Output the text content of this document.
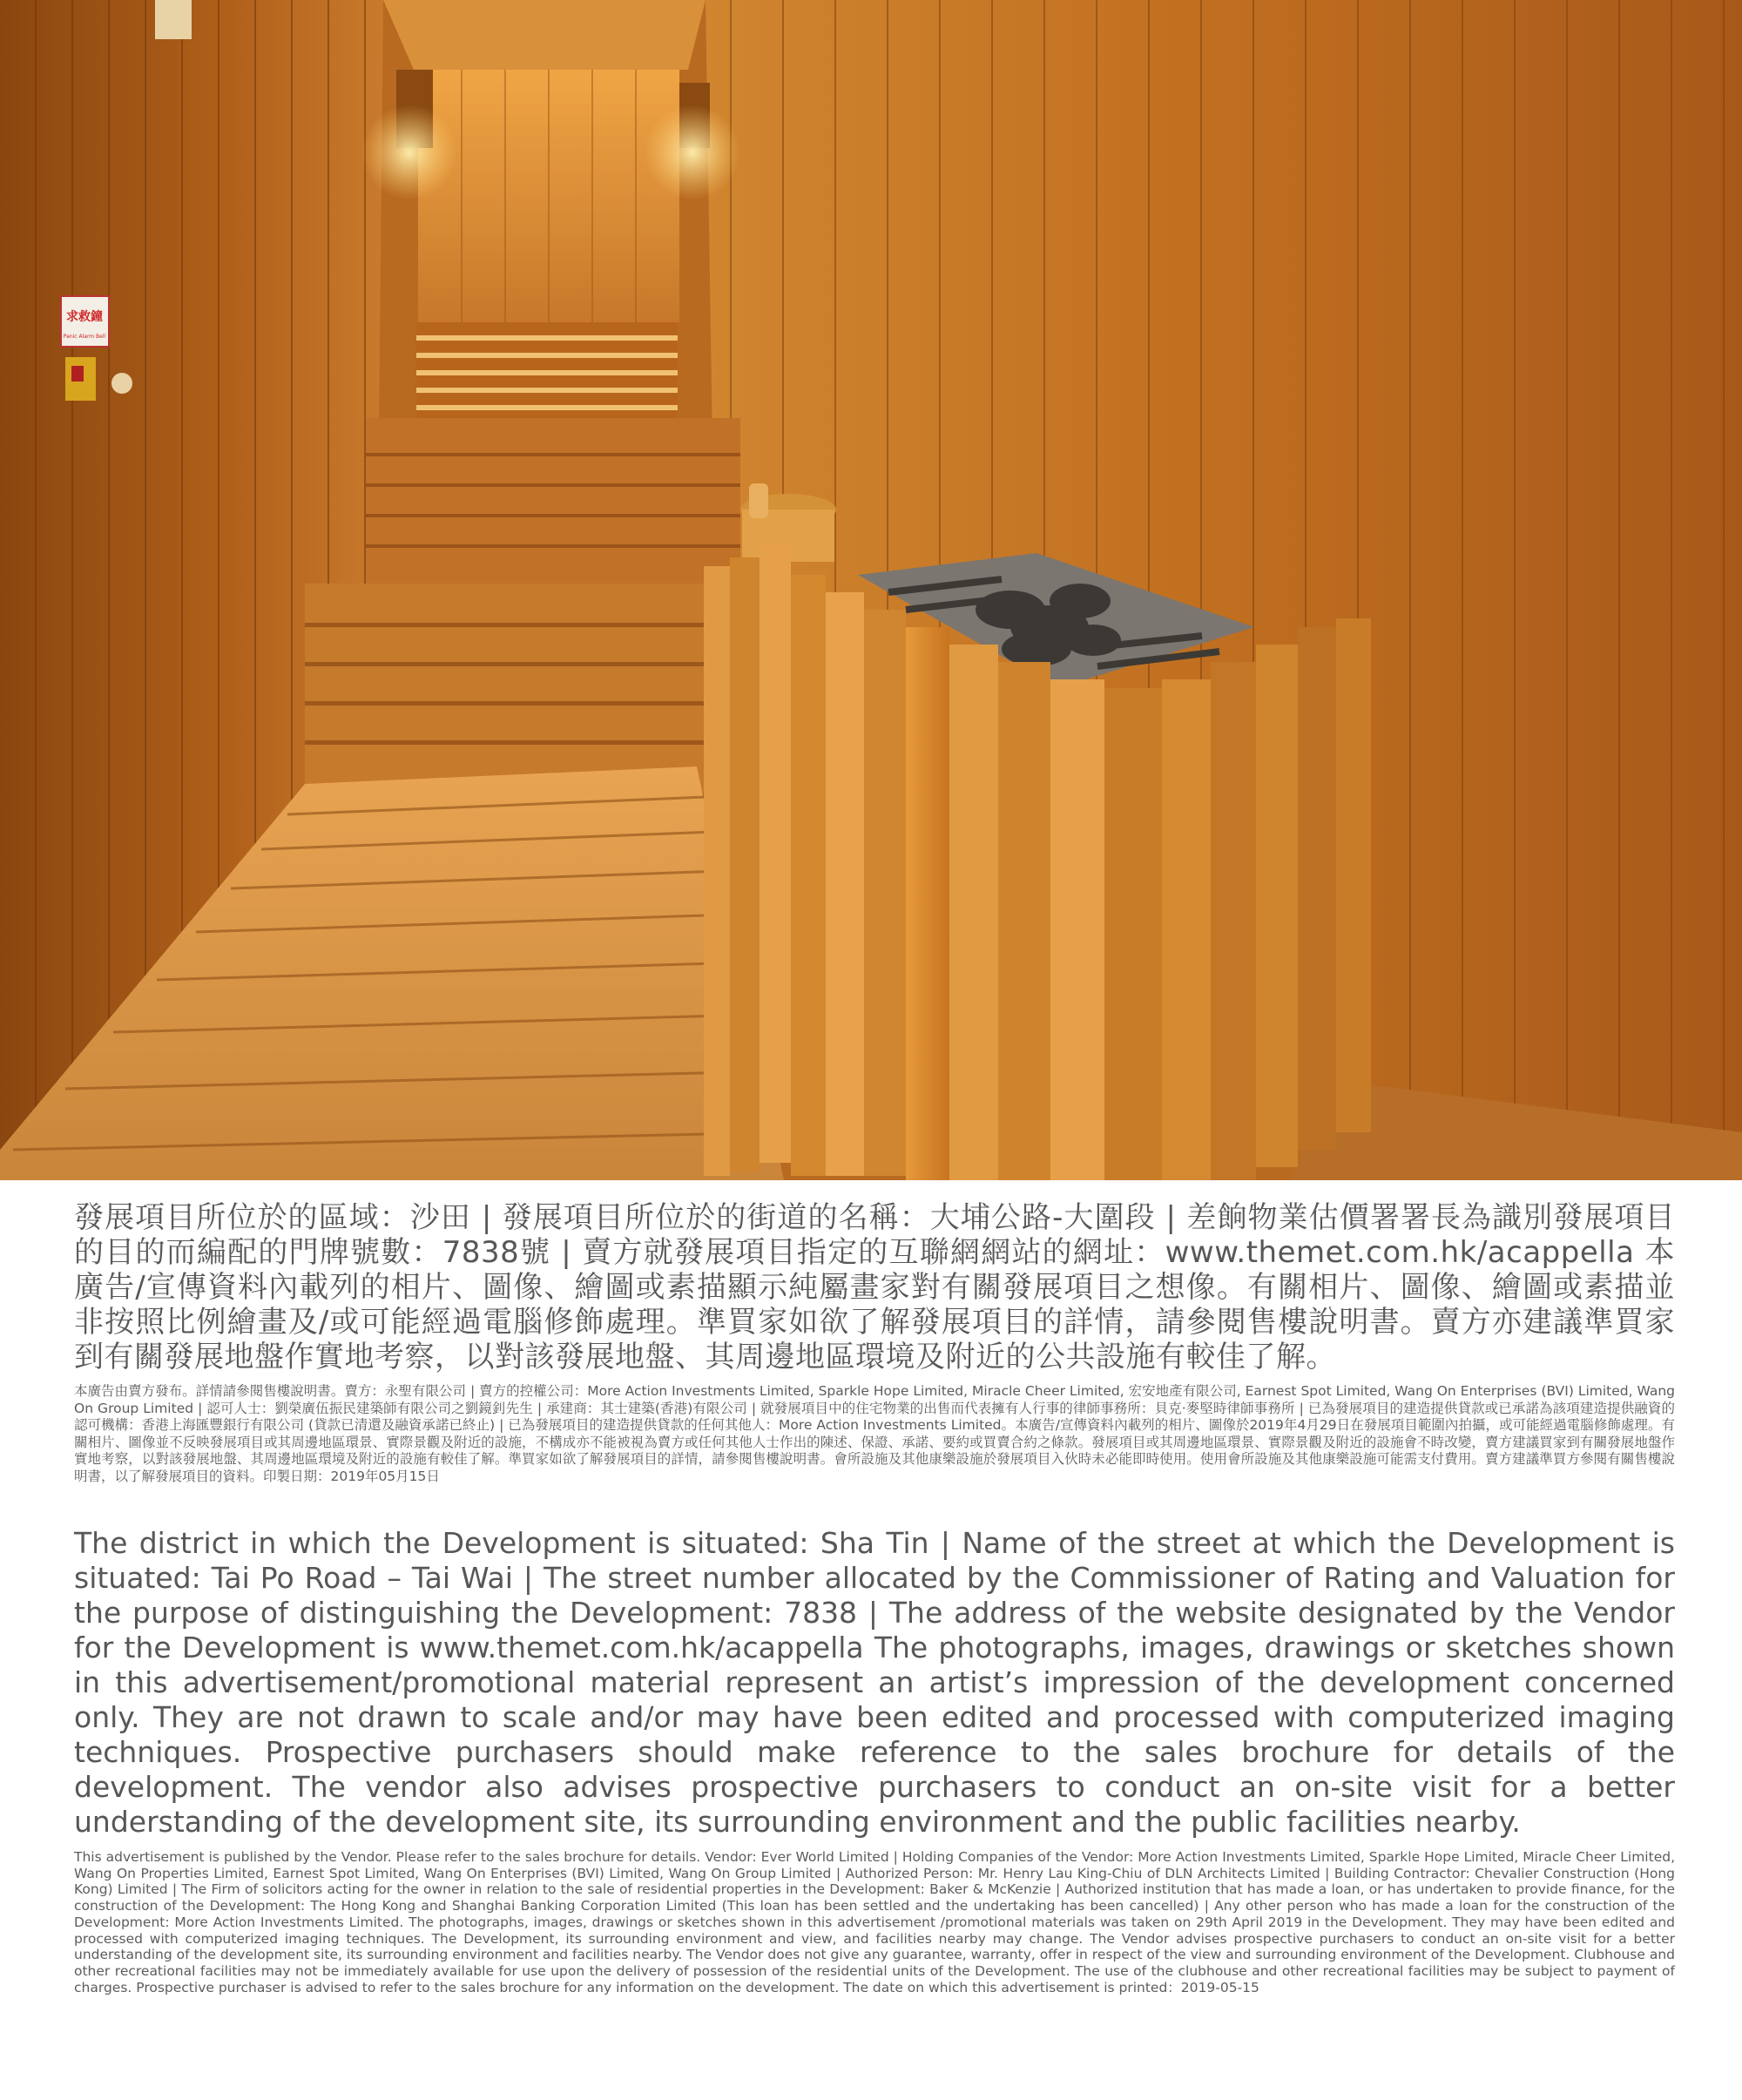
求救鐘
Panic Alarm Bell

發展項目所位於的區域：沙田 | 發展項目所位於的街道的名稱：大埔公路-大圍段 | 差餉物業估價署署長為識別發展項目的目的而編配的門牌號數：7838號 | 賣方就發展項目指定的互聯網網站的網址：www.themet.com.hk/acappella 本廣告/宣傳資料內載列的相片、圖像、繪圖或素描顯示純屬畫家對有關發展項目之想像。有關相片、圖像、繪圖或素描並非按照比例繪畫及/或可能經過電腦修飾處理。準買家如欲了解發展項目的詳情，請參閱售樓說明書。賣方亦建議準買家到有關發展地盤作實地考察，以對該發展地盤、其周邊地區環境及附近的公共設施有較佳了解。

本廣告由賣方發布。詳情請參閱售樓說明書。賣方：永聖有限公司 | 賣方的控權公司：More Action Investments Limited, Sparkle Hope Limited, Miracle Cheer Limited, 宏安地產有限公司, Earnest Spot Limited, Wang On Enterprises (BVI) Limited, Wang On Group Limited | 認可人士：劉榮廣伍振民建築師有限公司之劉鏡釗先生 | 承建商：其士建築(香港)有限公司 | 就發展項目中的住宅物業的出售而代表擁有人行事的律師事務所：貝克‧麥堅時律師事務所 | 已為發展項目的建造提供貸款或已承諾為該項建造提供融資的認可機構：香港上海匯豐銀行有限公司 (貸款已清還及融資承諾已終止) | 已為發展項目的建造提供貸款的任何其他人：More Action Investments Limited。本廣告/宣傳資料內載列的相片、圖像於2019年4月29日在發展項目範圍內拍攝，或可能經過電腦修飾處理。有關相片、圖像並不反映發展項目或其周邊地區環景、實際景觀及附近的設施，不構成亦不能被視為賣方或任何其他人士作出的陳述、保證、承諾、要約或買賣合約之條款。發展項目或其周邊地區環景、實際景觀及附近的設施會不時改變，賣方建議買家到有關發展地盤作實地考察，以對該發展地盤、其周邊地區環境及附近的設施有較佳了解。準買家如欲了解發展項目的詳情，請參閱售樓說明書。會所設施及其他康樂設施於發展項目入伙時未必能即時使用。使用會所設施及其他康樂設施可能需支付費用。賣方建議準買方參閱有關售樓說明書，以了解發展項目的資料。印製日期：2019年05月15日

The district in which the Development is situated: Sha Tin | Name of the street at which the Development is situated: Tai Po Road – Tai Wai | The street number allocated by the Commissioner of Rating and Valuation for the purpose of distinguishing the Development: 7838 | The address of the website designated by the Vendor for the Development is www.themet.com.hk/acappella The photographs, images, drawings or sketches shown in this advertisement/promotional material represent an artist’s impression of the development concerned only. They are not drawn to scale and/or may have been edited and processed with computerized imaging techniques. Prospective purchasers should make reference to the sales brochure for details of the development. The vendor also advises prospective purchasers to conduct an on-site visit for a better understanding of the development site, its surrounding environment and the public facilities nearby.

This advertisement is published by the Vendor. Please refer to the sales brochure for details. Vendor: Ever World Limited | Holding Companies of the Vendor: More Action Investments Limited, Sparkle Hope Limited, Miracle Cheer Limited, Wang On Properties Limited, Earnest Spot Limited, Wang On Enterprises (BVI) Limited, Wang On Group Limited | Authorized Person: Mr. Henry Lau King-Chiu of DLN Architects Limited | Building Contractor: Chevalier Construction (Hong Kong) Limited | The Firm of solicitors acting for the owner in relation to the sale of residential properties in the Development: Baker & McKenzie | Authorized institution that has made a loan, or has undertaken to provide finance, for the construction of the Development: The Hong Kong and Shanghai Banking Corporation Limited (This loan has been settled and the undertaking has been cancelled) | Any other person who has made a loan for the construction of the Development: More Action Investments Limited. The photographs, images, drawings or sketches shown in this advertisement /promotional materials was taken on 29th April 2019 in the Development. They may have been edited and processed with computerized imaging techniques. The Development, its surrounding environment and view, and facilities nearby may change. The Vendor advises prospective purchasers to conduct an on-site visit for a better understanding of the development site, its surrounding environment and facilities nearby. The Vendor does not give any guarantee, warranty, offer in respect of the view and surrounding environment of the Development. Clubhouse and other recreational facilities may not be immediately available for use upon the delivery of possession of the residential units of the Development. The use of the clubhouse and other recreational facilities may be subject to payment of charges. Prospective purchaser is advised to refer to the sales brochure for any information on the development. The date on which this advertisement is printed：2019-05-15
